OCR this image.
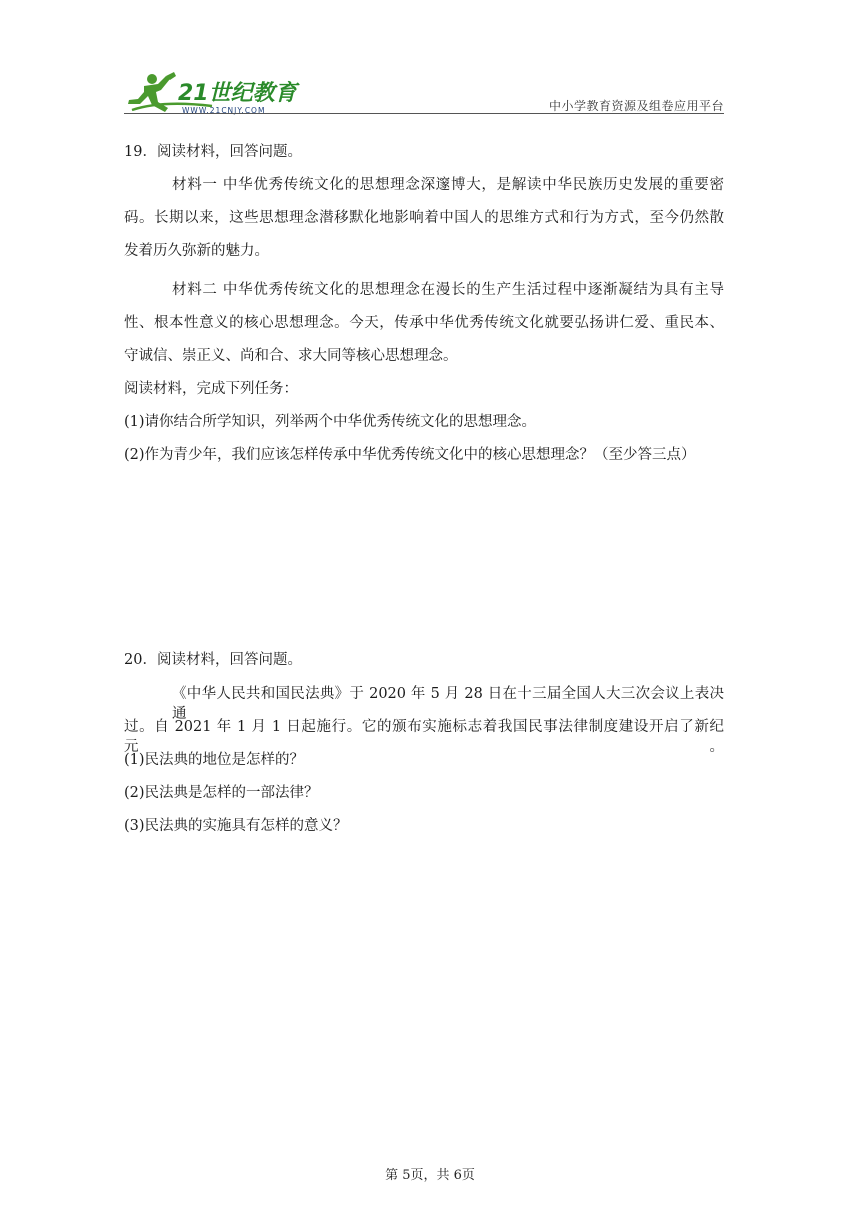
21世纪教育
WWW.21CNJY.COM	中小学教育资源及组卷应用平台
19．阅读材料，回答问题。
材料一 中华优秀传统文化的思想理念深邃博大，是解读中华民族历史发展的重要密
码。长期以来，这些思想理念潜移默化地影响着中国人的思维方式和行为方式，至今仍然散
发着历久弥新的魅力。
材料二 中华优秀传统文化的思想理念在漫长的生产生活过程中逐渐凝结为具有主导
性、根本性意义的核心思想理念。今天，传承中华优秀传统文化就要弘扬讲仁爱、重民本、
守诚信、崇正义、尚和合、求大同等核心思想理念。
阅读材料，完成下列任务：
(1)请你结合所学知识，列举两个中华优秀传统文化的思想理念。
(2)作为青少年，我们应该怎样传承中华优秀传统文化中的核心思想理念？（至少答三点）
20．阅读材料，回答问题。
《中华人民共和国民法典》于 2020 年 5 月 28 日在十三届全国人大三次会议上表决通
过。自 2021 年 1 月 1 日起施行。它的颁布实施标志着我国民事法律制度建设开启了新纪元。
(1)民法典的地位是怎样的？
(2)民法典是怎样的一部法律？
(3)民法典的实施具有怎样的意义？
第 5页，共 6页
